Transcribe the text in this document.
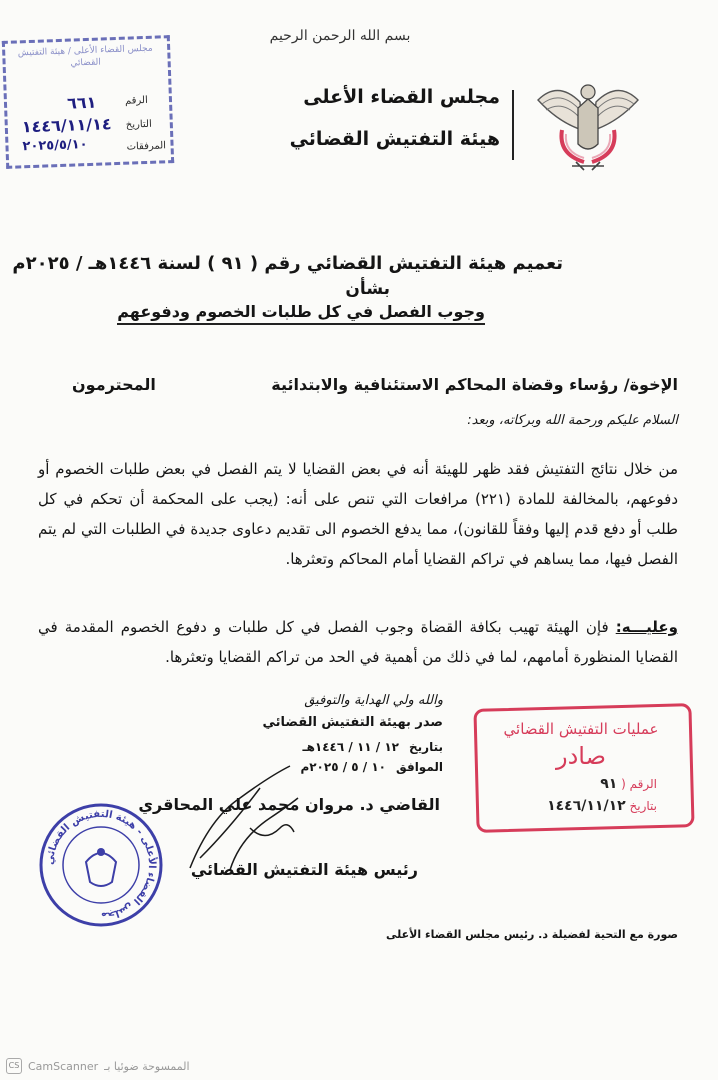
بسم الله الرحمن الرحيم
مجلس القضاء الأعلى
هيئة التفتيش القضائي
مجلس القضاء الأعلى / هيئة التفتيش القضائي
الرقم
٦٦١
التاريخ
١٤٤٦/١١/١٤
المرفقات
٢٠٢٥/٥/١٠
تعميم هيئة التفتيش القضائي رقم ( ٩١ ) لسنة ١٤٤٦هـ / ٢٠٢٥م
بشأن
وجوب الفصل في كل طلبات الخصوم ودفوعهم
الإخوة/ رؤساء وقضاة المحاكم الاستئنافية والابتدائية
المحترمون
السلام عليكم ورحمة الله وبركاته، وبعد:
من خلال نتائج التفتيش فقد ظهر للهيئة أنه في بعض القضايا لا يتم الفصل في بعض طلبات الخصوم أو دفوعهم، بالمخالفة للمادة (٢٢١) مرافعات التي تنص على أنه: (يجب على المحكمة أن تحكم في كل طلب أو دفع قدم إليها وفقاً للقانون)، مما يدفع الخصوم الى تقديم دعاوى جديدة في الطلبات التي لم يتم الفصل فيها، مما يساهم في تراكم القضايا أمام المحاكم وتعثرها.
وعليـــه: فإن الهيئة تهيب بكافة القضاة وجوب الفصل في كل طلبات و دفوع الخصوم المقدمة في القضايا المنظورة أمامهم، لما في ذلك من أهمية في الحد من تراكم القضايا وتعثرها.
والله ولي الهداية والتوفيق
صدر بهيئة التفتيش القضائي
بتاريخ
١٢ / ١١ / ١٤٤٦هـ
الموافق
١٠ / ٥ / ٢٠٢٥م
عمليات التفتيش القضائي
صادر
الرقم ( ٩١
بتاريخ ١٤٤٦/١١/١٢
القاضي د. مروان محمد علي المحاقري
رئيس هيئة التفتيش القضائي
مجلس القضاء الأعلى - هيئة التفتيش القضائي
صورة مع التحية لفضيلة د. رئيس مجلس القضاء الأعلى
CS CamScanner الممسوحة ضوئيا بـ
